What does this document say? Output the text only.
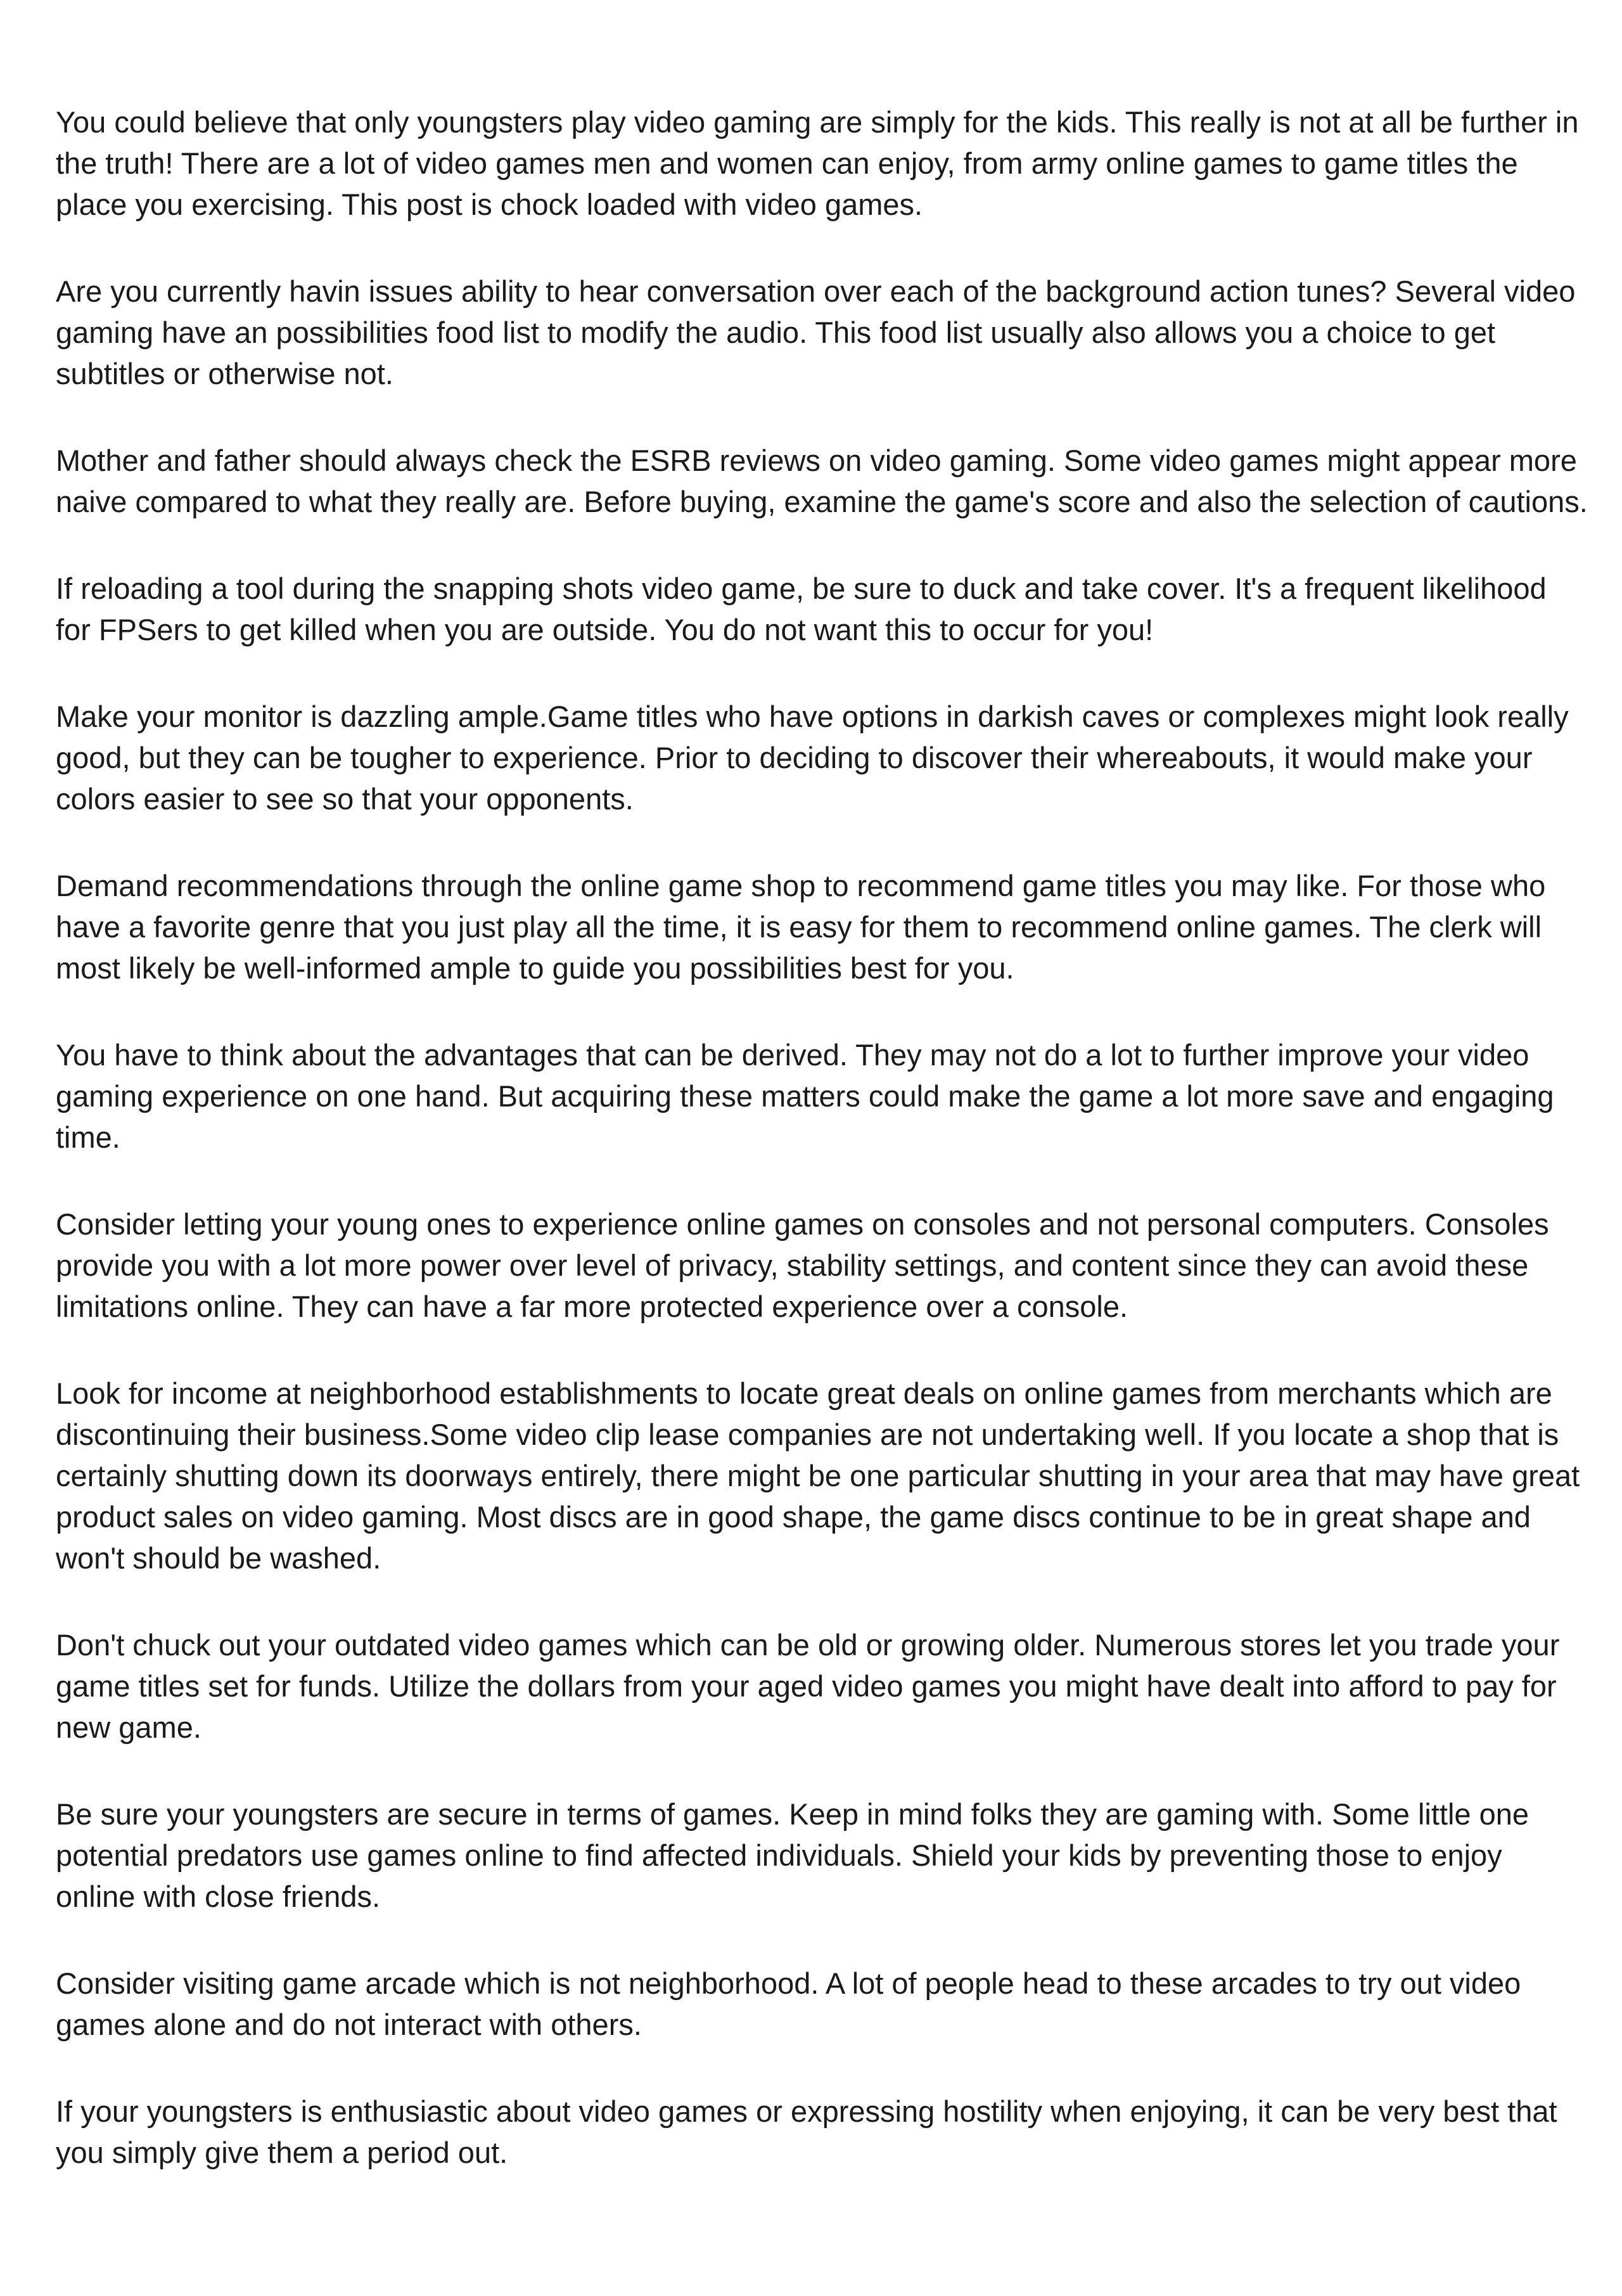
You could believe that only youngsters play video gaming are simply for the kids. This really is not at all be further in the truth! There are a lot of video games men and women can enjoy, from army online games to game titles the place you exercising. This post is chock loaded with video games.

Are you currently havin issues ability to hear conversation over each of the background action tunes? Several video gaming have an possibilities food list to modify the audio. This food list usually also allows you a choice to get subtitles or otherwise not.

Mother and father should always check the ESRB reviews on video gaming. Some video games might appear more naive compared to what they really are. Before buying, examine the game's score and also the selection of cautions.

If reloading a tool during the snapping shots video game, be sure to duck and take cover. It's a frequent likelihood for FPSers to get killed when you are outside. You do not want this to occur for you!

Make your monitor is dazzling ample.Game titles who have options in darkish caves or complexes might look really good, but they can be tougher to experience. Prior to deciding to discover their whereabouts, it would make your colors easier to see so that your opponents.

Demand recommendations through the online game shop to recommend game titles you may like. For those who have a favorite genre that you just play all the time, it is easy for them to recommend online games. The clerk will most likely be well-informed ample to guide you possibilities best for you.

You have to think about the advantages that can be derived. They may not do a lot to further improve your video gaming experience on one hand. But acquiring these matters could make the game a lot more save and engaging time.

Consider letting your young ones to experience online games on consoles and not personal computers. Consoles provide you with a lot more power over level of privacy, stability settings, and content since they can avoid these limitations online. They can have a far more protected experience over a console.

Look for income at neighborhood establishments to locate great deals on online games from merchants which are discontinuing their business.Some video clip lease companies are not undertaking well. If you locate a shop that is certainly shutting down its doorways entirely, there might be one particular shutting in your area that may have great product sales on video gaming. Most discs are in good shape, the game discs continue to be in great shape and won't should be washed.

Don't chuck out your outdated video games which can be old or growing older. Numerous stores let you trade your game titles set for funds. Utilize the dollars from your aged video games you might have dealt into afford to pay for new game.

Be sure your youngsters are secure in terms of games. Keep in mind folks they are gaming with. Some little one potential predators use games online to find affected individuals. Shield your kids by preventing those to enjoy online with close friends.

Consider visiting game arcade which is not neighborhood. A lot of people head to these arcades to try out video games alone and do not interact with others.

If your youngsters is enthusiastic about video games or expressing hostility when enjoying, it can be very best that you simply give them a period out.
